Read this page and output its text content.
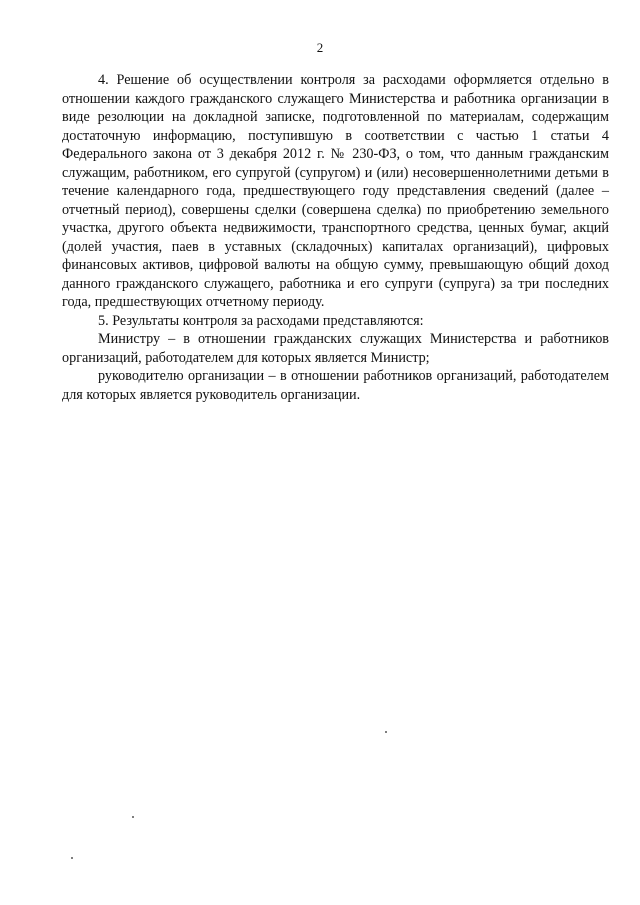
2

4. Решение об осуществлении контроля за расходами оформляется отдельно в отношении каждого гражданского служащего Министерства и работника организации в виде резолюции на докладной записке, подготовленной по материалам, содержащим достаточную информацию, поступившую в соответствии с частью 1 статьи 4 Федерального закона от 3 декабря 2012 г. № 230-ФЗ, о том, что данным гражданским служащим, работником, его супругой (супругом) и (или) несовершеннолетними детьми в течение календарного года, предшествующего году представления сведений (далее – отчетный период), совершены сделки (совершена сделка) по приобретению земельного участка, другого объекта недвижимости, транспортного средства, ценных бумаг, акций (долей участия, паев в уставных (складочных) капиталах организаций), цифровых финансовых активов, цифровой валюты на общую сумму, превышающую общий доход данного гражданского служащего, работника и его супруги (супруга) за три последних года, предшествующих отчетному периоду.

5. Результаты контроля за расходами представляются:

Министру – в отношении гражданских служащих Министерства и работников организаций, работодателем для которых является Министр;

руководителю организации – в отношении работников организаций, работодателем для которых является руководитель организации.
